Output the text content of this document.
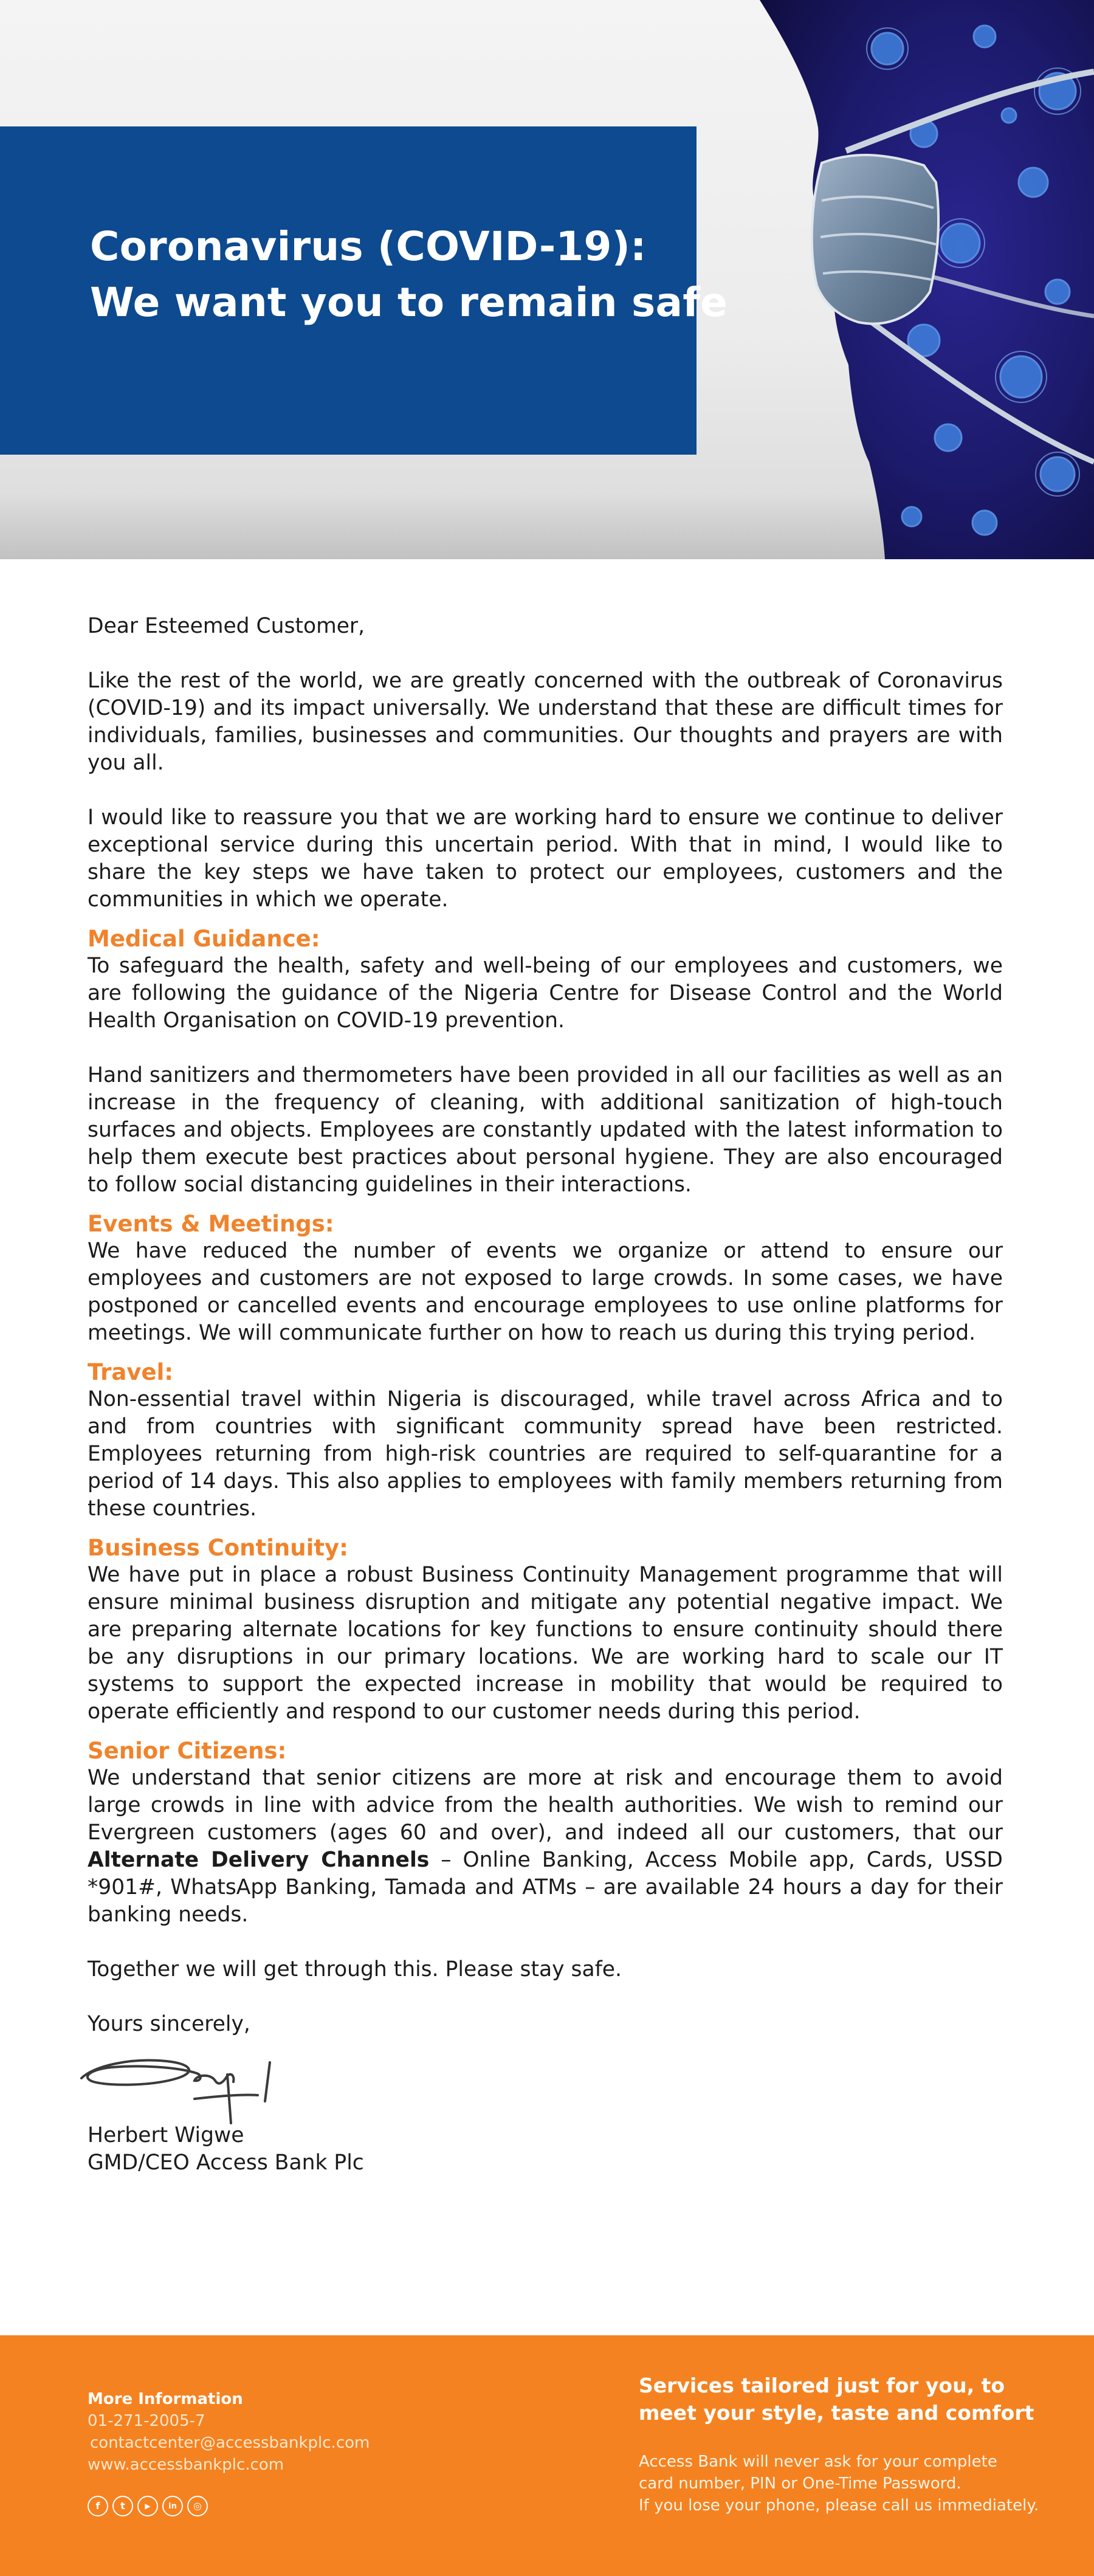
Coronavirus (COVID-19):
We want you to remain safe

Dear Esteemed Customer,

Like the rest of the world, we are greatly concerned with the outbreak of Coronavirus (COVID-19) and its impact universally. We understand that these are difficult times for individuals, families, businesses and communities. Our thoughts and prayers are with you all.

I would like to reassure you that we are working hard to ensure we continue to deliver exceptional service during this uncertain period. With that in mind, I would like to share the key steps we have taken to protect our employees, customers and the communities in which we operate.

Medical Guidance:

To safeguard the health, safety and well-being of our employees and customers, we are following the guidance of the Nigeria Centre for Disease Control and the World Health Organisation on COVID-19 prevention.

Hand sanitizers and thermometers have been provided in all our facilities as well as an increase in the frequency of cleaning, with additional sanitization of high-touch surfaces and objects. Employees are constantly updated with the latest information to help them execute best practices about personal hygiene. They are also encouraged to follow social distancing guidelines in their interactions.

Events & Meetings:

We have reduced the number of events we organize or attend to ensure our employees and customers are not exposed to large crowds. In some cases, we have postponed or cancelled events and encourage employees to use online platforms for meetings. We will communicate further on how to reach us during this trying period.

Travel:

Non-essential travel within Nigeria is discouraged, while travel across Africa and to and from countries with significant community spread have been restricted. Employees returning from high-risk countries are required to self-quarantine for a period of 14 days. This also applies to employees with family members returning from these countries.

Business Continuity:

We have put in place a robust Business Continuity Management programme that will ensure minimal business disruption and mitigate any potential negative impact. We are preparing alternate locations for key functions to ensure continuity should there be any disruptions in our primary locations. We are working hard to scale our IT systems to support the expected increase in mobility that would be required to operate efficiently and respond to our customer needs during this period.

Senior Citizens:

We understand that senior citizens are more at risk and encourage them to avoid large crowds in line with advice from the health authorities. We wish to remind our Evergreen customers (ages 60 and over), and indeed all our customers, that our Alternate Delivery Channels – Online Banking, Access Mobile app, Cards, USSD *901#, WhatsApp Banking, Tamada and ATMs – are available 24 hours a day for their banking needs.

Together we will get through this. Please stay safe.

Yours sincerely,

Herbert Wigwe

GMD/CEO Access Bank Plc

More Information
01-271-2005-7
contactcenter@accessbankplc.com
www.accessbankplc.com
f	t	▶	in	◎
Services tailored just for you, to meet your style, taste and comfort
Access Bank will never ask for your complete
card number, PIN or One-Time Password.
If you lose your phone, please call us immediately.
